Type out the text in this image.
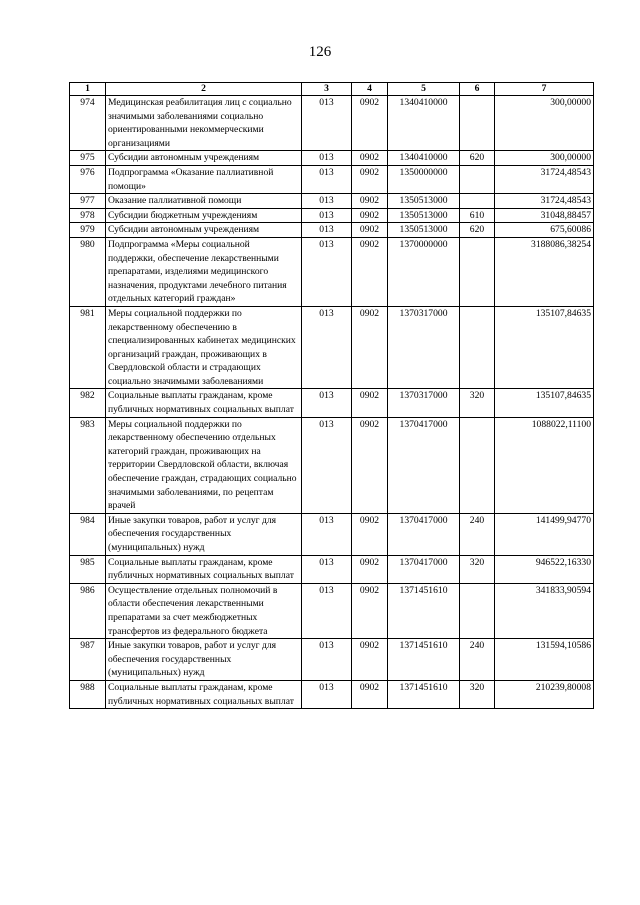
126
1	2	3	4	5	6	7
974	Медицинская реабилитация лиц с социально значимыми заболеваниями социально ориентированными некоммерческими организациями	013	0902	1340410000		300,00000
975	Субсидии автономным учреждениям	013	0902	1340410000	620	300,00000
976	Подпрограмма «Оказание паллиативной помощи»	013	0902	1350000000		31724,48543
977	Оказание паллиативной помощи	013	0902	1350513000		31724,48543
978	Субсидии бюджетным учреждениям	013	0902	1350513000	610	31048,88457
979	Субсидии автономным учреждениям	013	0902	1350513000	620	675,60086
980	Подпрограмма «Меры социальной поддержки, обеспечение лекарственными препаратами, изделиями медицинского назначения, продуктами лечебного питания отдельных категорий граждан»	013	0902	1370000000		3188086,38254
981	Меры социальной поддержки по лекарственному обеспечению в специализированных кабинетах медицинских организаций граждан, проживающих в Свердловской области и страдающих социально значимыми заболеваниями	013	0902	1370317000		135107,84635
982	Социальные выплаты гражданам, кроме публичных нормативных социальных выплат	013	0902	1370317000	320	135107,84635
983	Меры социальной поддержки по лекарственному обеспечению отдельных категорий граждан, проживающих на территории Свердловской области, включая обеспечение граждан, страдающих социально значимыми заболеваниями, по рецептам врачей	013	0902	1370417000		1088022,11100
984	Иные закупки товаров, работ и услуг для обеспечения государственных (муниципальных) нужд	013	0902	1370417000	240	141499,94770
985	Социальные выплаты гражданам, кроме публичных нормативных социальных выплат	013	0902	1370417000	320	946522,16330
986	Осуществление отдельных полномочий в области обеспечения лекарственными препаратами за счет межбюджетных трансфертов из федерального бюджета	013	0902	1371451610		341833,90594
987	Иные закупки товаров, работ и услуг для обеспечения государственных (муниципальных) нужд	013	0902	1371451610	240	131594,10586
988	Социальные выплаты гражданам, кроме публичных нормативных социальных выплат	013	0902	1371451610	320	210239,80008
